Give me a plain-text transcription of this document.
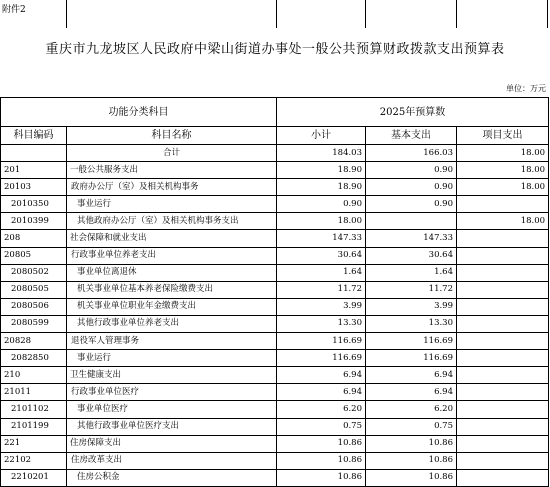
附件2
重庆市九龙坡区人民政府中梁山街道办事处一般公共预算财政拨款支出预算表
单位：万元
功能分类科目		2025年预算数		
科目编码	科目名称	小计	基本支出	项目支出
	合计	184.03	166.03	18.00
201	一般公共服务支出	18.90	0.90	18.00
20103	政府办公厅（室）及相关机构事务	18.90	0.90	18.00
2010350	事业运行	0.90	0.90	
2010399	其他政府办公厅（室）及相关机构事务支出	18.00		18.00
208	社会保障和就业支出	147.33	147.33	
20805	行政事业单位养老支出	30.64	30.64	
2080502	事业单位离退休	1.64	1.64	
2080505	机关事业单位基本养老保险缴费支出	11.72	11.72	
2080506	机关事业单位职业年金缴费支出	3.99	3.99	
2080599	其他行政事业单位养老支出	13.30	13.30	
20828	退役军人管理事务	116.69	116.69	
2082850	事业运行	116.69	116.69	
210	卫生健康支出	6.94	6.94	
21011	行政事业单位医疗	6.94	6.94	
2101102	事业单位医疗	6.20	6.20	
2101199	其他行政事业单位医疗支出	0.75	0.75	
221	住房保障支出	10.86	10.86	
22102	住房改革支出	10.86	10.86	
2210201	住房公积金	10.86	10.86	
